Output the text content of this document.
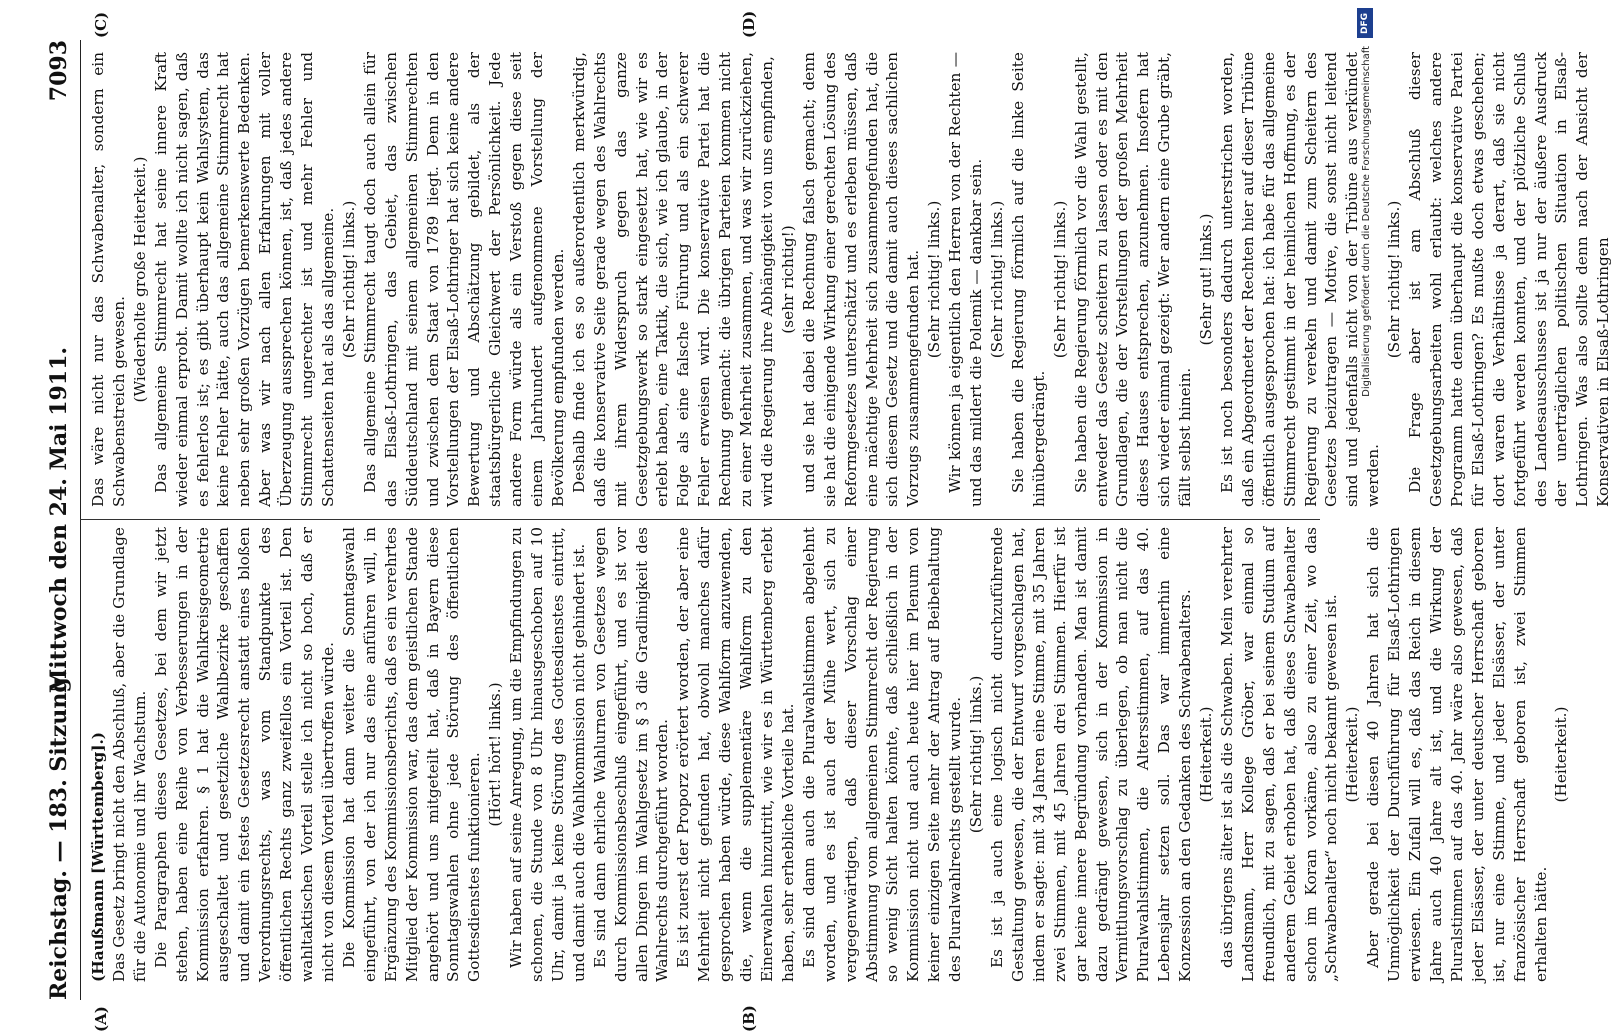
Reichstag. — 183. Sitzung.
Mittwoch den 24. Mai 1911.
7093
(A)	(B)
(C)	(D)

(Haußmann [Württemberg].) Das Gesetz bringt nicht den Abschluß, aber die Grundlage für die Autonomie und ihr Wachstum. Die Paragraphen dieses Gesetzes, bei dem wir jetzt stehen, haben eine Reihe von Verbesserungen in der Kommission erfahren. § 1 hat die Wahlkreisgeometrie ausgeschaltet und gesetzliche Wahlbezirke geschaffen und damit ein festes Gesetzesrecht anstatt eines bloßen Verordnungsrechts, was vom Standpunkte des öffentlichen Rechts ganz zweifellos ein Vorteil ist. Den wahltaktischen Vorteil stelle ich nicht so hoch, daß er nicht von diesem Vorteil übertroffen würde. Die Kommission hat dann weiter die Sonntagswahl eingeführt, von der ich nur das eine anführen will, in Ergänzung des Kommissionsberichts, daß es ein verehrtes Mitglied der Kommission war, das dem geistlichen Stande angehört und uns mitgeteilt hat, daß in Bayern diese Sonntagswahlen ohne jede Störung des öffentlichen Gottesdienstes funktionieren. (Hört! hört! links.) Wir haben auf seine Anregung, um die Empfindungen zu schonen, die Stunde von 8 Uhr hinausgeschoben auf 10 Uhr, damit ja keine Störung des Gottesdienstes eintritt, und damit auch die Wahlkommission nicht gehindert ist. Es sind dann ehrliche Wahlurnen von Gesetzes wegen durch Kommissionsbeschluß eingeführt, und es ist vor allen Dingen im Wahlgesetz im § 3 die Gradlinigkeit des Wahlrechts durchgeführt worden. Es ist zuerst der Proporz erörtert worden, der aber eine Mehrheit nicht gefunden hat, obwohl manches dafür gesprochen haben würde, diese Wahlform anzuwenden, die, wenn die supplementäre Wahlform zu den Einerwahlen hinzutritt, wie wir es in Württemberg erlebt haben, sehr erhebliche Vorteile hat. Es sind dann auch die Pluralwahlstimmen abgelehnt worden, und es ist auch der Mühe wert, sich zu vergegenwärtigen, daß dieser Vorschlag einer Abstimmung vom allgemeinen Stimmrecht der Regierung so wenig Sicht halten könnte, daß schließlich in der Kommission nicht und auch heute hier im Plenum von keiner einzigen Seite mehr der Antrag auf Beibehaltung des Pluralwahlrechts gestellt wurde. (Sehr richtig! links.) Es ist ja auch eine logisch nicht durchzuführende Gestaltung gewesen, die der Entwurf vorgeschlagen hat, indem er sagte: mit 34 Jahren eine Stimme, mit 35 Jahren zwei Stimmen, mit 45 Jahren drei Stimmen. Hierfür ist gar keine innere Begründung vorhanden. Man ist damit dazu gedrängt gewesen, sich in der Kommission in Vermittlungsvorschlag zu überlegen, ob man nicht die Pluralwahlstimmen, die Altersstimmen, auf das 40. Lebensjahr setzen soll. Das war immerhin eine Konzession an den Gedanken des Schwabenalters. (Heiterkeit.) das übrigens älter ist als die Schwaben. Mein verehrter Landsmann, Herr Kollege Gröber, war einmal so freundlich, mit zu sagen, daß er bei seinem Studium auf anderem Gebiet erhoben hat, daß dieses Schwabenalter schon im Koran vorkäme, also zu einer Zeit, wo das „Schwabenalter“ noch nicht bekannt gewesen ist. (Heiterkeit.) Aber gerade bei diesen 40 Jahren hat sich die Unmöglichkeit der Durchführung für Elsaß-Lothringen erwiesen. Ein Zufall will es, daß das Reich in diesem Jahre auch 40 Jahre alt ist, und die Wirkung der Pluralstimmen auf das 40. Jahr wäre also gewesen, daß jeder Elsässer, der unter deutscher Herrschaft geboren ist, nur eine Stimme, und jeder Elsässer, der unter französischer Herrschaft geboren ist, zwei Stimmen erhalten hätte.

(Heiterkeit.)

Das wäre nicht nur das Schwabenalter, sondern ein Schwabenstreich gewesen. (Wiederholte große Heiterkeit.) Das allgemeine Stimmrecht hat seine innere Kraft wieder einmal erprobt. Damit wollte ich nicht sagen, daß es fehlerlos ist; es gibt überhaupt kein Wahlsystem, das keine Fehler hätte, auch das allgemeine Stimmrecht hat neben sehr großen Vorzügen bemerkenswerte Bedenken. Aber was wir nach allen Erfahrungen mit voller Überzeugung aussprechen können, ist, daß jedes andere Stimmrecht ungerechter ist und mehr Fehler und Schattenseiten hat als das allgemeine. (Sehr richtig! links.) Das allgemeine Stimmrecht taugt doch auch allein für das Elsaß-Lothringen, das Gebiet, das zwischen Süddeutschland mit seinem allgemeinen Stimmrechten und zwischen dem Staat von 1789 liegt. Denn in den Vorstellungen der Elsaß-Lothringer hat sich keine andere Bewertung und Abschätzung gebildet, als der staatsbürgerliche Gleichwert der Persönlichkeit. Jede andere Form würde als ein Verstoß gegen diese seit einem Jahrhundert aufgenommene Vorstellung der Bevölkerung empfunden werden. Deshalb finde ich es so außerordentlich merkwürdig, daß die konservative Seite gerade wegen des Wahlrechts mit ihrem Widerspruch gegen das ganze Gesetzgebungswerk so stark eingesetzt hat, wie wir es erlebt haben, eine Taktik, die sich, wie ich glaube, in der Folge als eine falsche Führung und als ein schwerer Fehler erweisen wird. Die konservative Partei hat die Rechnung gemacht: die übrigen Parteien kommen nicht zu einer Mehrheit zusammen, und was wir zurückziehen, wird die Regierung ihre Abhängigkeit von uns empfinden, (sehr richtig!) und sie hat dabei die Rechnung falsch gemacht; denn sie hat die einigende Wirkung einer gerechten Lösung des Reformgesetzes unterschätzt und es erleben müssen, daß eine mächtige Mehrheit sich zusammengefunden hat, die sich diesem Gesetz und die damit auch dieses sachlichen Vorzugs zusammengefunden hat. (Sehr richtig! links.) Wir können ja eigentlich den Herren von der Rechten — und das mildert die Polemik — dankbar sein. (Sehr richtig! links.) Sie haben die Regierung förmlich auf die linke Seite hinübergedrängt.

(Sehr richtig! links.) Sie haben die Regierung förmlich vor die Wahl gestellt, entweder das Gesetz scheitern zu lassen oder es mit den Grundlagen, die der Vorstellungen der großen Mehrheit dieses Hauses entsprechen, anzunehmen. Insofern hat sich wieder einmal gezeigt: Wer andern eine Grube gräbt, fällt selbst hinein.

(Sehr gut! links.) Es ist noch besonders dadurch unterstrichen worden, daß ein Abgeordneter der Rechten hier auf dieser Tribüne öffentlich ausgesprochen hat: ich habe für das allgemeine Stimmrecht gestimmt in der heimlichen Hoffnung, es der Regierung zu verekeln und damit zum Scheitern des Gesetzes beizutragen — Motive, die sonst nicht leitend sind und jedenfalls nicht von der Tribüne aus verkündet werden.

(Sehr richtig! links.) Die Frage aber ist am Abschluß dieser Gesetzgebungsarbeiten wohl erlaubt: welches andere Programm hatte denn überhaupt die konservative Partei für Elsaß-Lothringen? Es mußte doch etwas geschehen; dort waren die Verhältnisse ja derart, daß sie nicht fortgeführt werden konnten, und der plötzliche Schluß des Landesausschusses ist ja nur der äußere Ausdruck der unerträglichen politischen Situation in Elsaß-Lothringen. Was also sollte denn nach der Ansicht der Konservativen in Elsaß-Lothringen

DFG
Digitalisierung gefördert durch die Deutsche Forschungsgemeinschaft
